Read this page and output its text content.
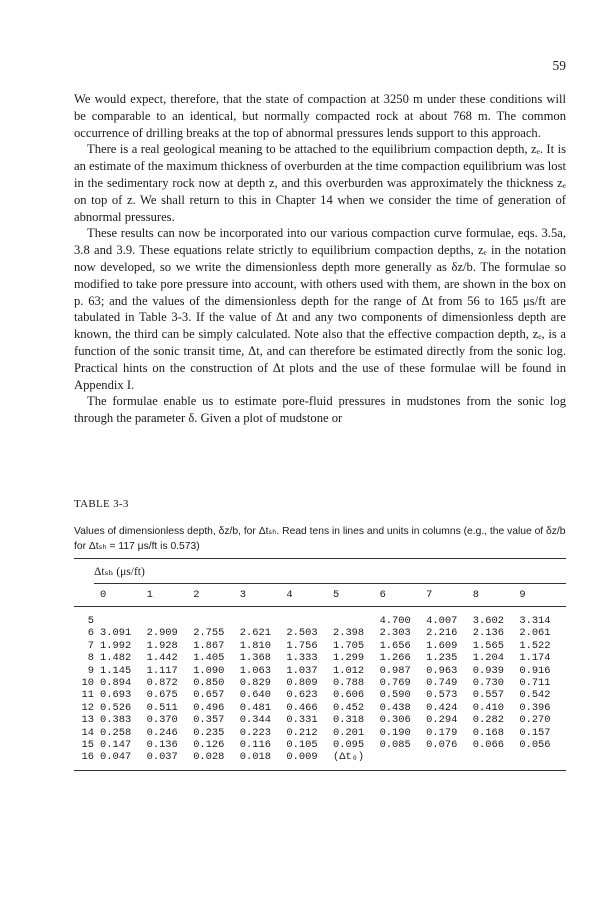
59

We would expect, therefore, that the state of compaction at 3250 m under these conditions will be comparable to an identical, but normally compacted rock at about 768 m. The common occurrence of drilling breaks at the top of abnormal pressures lends support to this approach.

There is a real geological meaning to be attached to the equilibrium compaction depth, zₑ. It is an estimate of the maximum thickness of overburden at the time compaction equilibrium was lost in the sedimentary rock now at depth z, and this overburden was approximately the thickness zₑ on top of z. We shall return to this in Chapter 14 when we consider the time of generation of abnormal pressures.

These results can now be incorporated into our various compaction curve formulae, eqs. 3.5a, 3.8 and 3.9. These equations relate strictly to equilibrium compaction depths, zₑ in the notation now developed, so we write the dimensionless depth more generally as δz/b. The formulae so modified to take pore pressure into account, with others used with them, are shown in the box on p. 63; and the values of the dimensionless depth for the range of Δt from 56 to 165 μs/ft are tabulated in Table 3-3. If the value of Δt and any two components of dimensionless depth are known, the third can be simply calculated. Note also that the effective compaction depth, zₑ, is a function of the sonic transit time, Δt, and can therefore be estimated directly from the sonic log. Practical hints on the construction of Δt plots and the use of these formulae will be found in Appendix I.

The formulae enable us to estimate pore-fluid pressures in mudstones from the sonic log through the parameter δ. Given a plot of mudstone or

TABLE 3-3
Values of dimensionless depth, δz/b, for Δtₛₕ. Read tens in lines and units in columns (e.g., the value of δz/b for Δtₛₕ = 117 μs/ft is 0.573)
Δtₛₕ (μs/ft)
	0	1	2	3	4	5	6	7	8	9

5							4.700	4.007	3.602	3.314
6	3.091	2.909	2.755	2.621	2.503	2.398	2.303	2.216	2.136	2.061
7	1.992	1.928	1.867	1.810	1.756	1.705	1.656	1.609	1.565	1.522
8	1.482	1.442	1.405	1.368	1.333	1.299	1.266	1.235	1.204	1.174
9	1.145	1.117	1.090	1.063	1.037	1.012	0.987	0.963	0.939	0.916
10	0.894	0.872	0.850	0.829	0.809	0.788	0.769	0.749	0.730	0.711
11	0.693	0.675	0.657	0.640	0.623	0.606	0.590	0.573	0.557	0.542
12	0.526	0.511	0.496	0.481	0.466	0.452	0.438	0.424	0.410	0.396
13	0.383	0.370	0.357	0.344	0.331	0.318	0.306	0.294	0.282	0.270
14	0.258	0.246	0.235	0.223	0.212	0.201	0.190	0.179	0.168	0.157
15	0.147	0.136	0.126	0.116	0.105	0.095	0.085	0.076	0.066	0.056
16	0.047	0.037	0.028	0.018	0.009	(Δt₀)				
